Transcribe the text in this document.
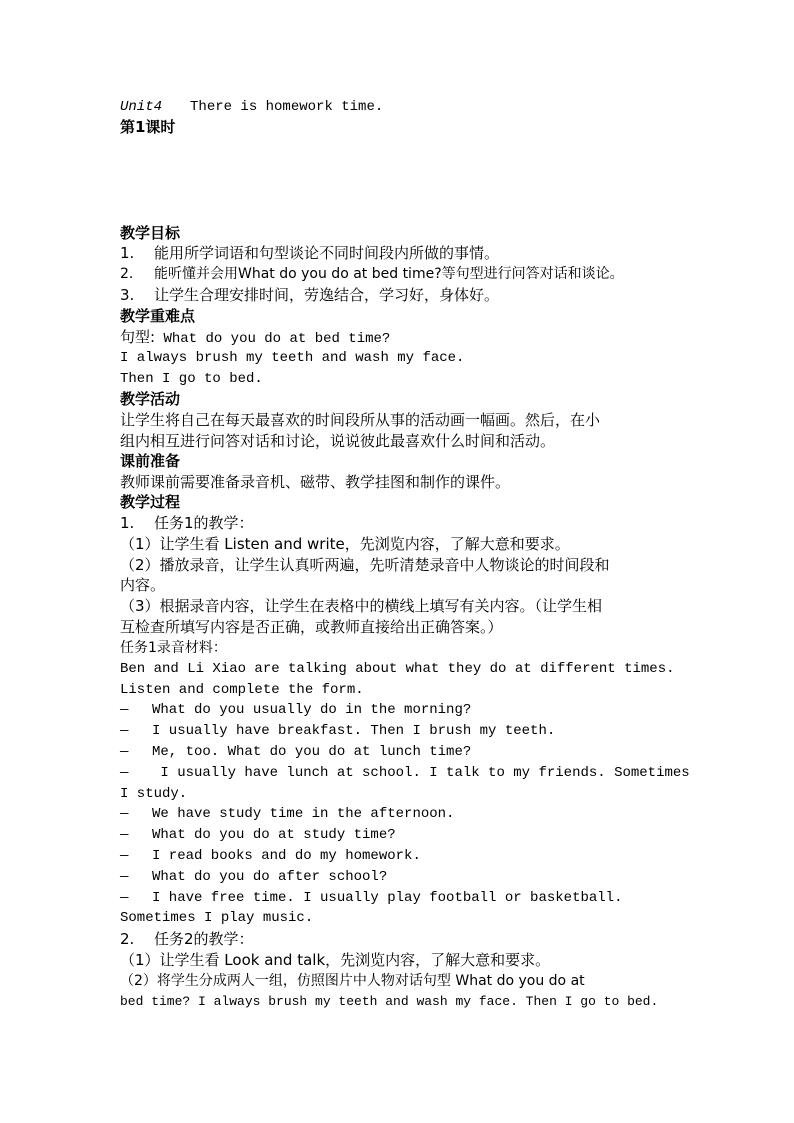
Unit4 There is homework time.
第1课时
教学目标
1. 能用所学词语和句型谈论不同时间段内所做的事情。
2. 能听懂并会用What do you do at bed time?等句型进行问答对话和谈论。
3. 让学生合理安排时间，劳逸结合，学习好，身体好。
教学重难点
句型: What do you do at bed time?
I always brush my teeth and wash my face.
Then I go to bed.
教学活动
让学生将自己在每天最喜欢的时间段所从事的活动画一幅画。然后，在小
组内相互进行问答对话和讨论，说说彼此最喜欢什么时间和活动。
课前准备
教师课前需要准备录音机、磁带、教学挂图和制作的课件。
教学过程
1. 任务1的教学：
（1）让学生看 Listen and write，先浏览内容，了解大意和要求。
（2）播放录音，让学生认真听两遍，先听清楚录音中人物谈论的时间段和
内容。
（3）根据录音内容，让学生在表格中的横线上填写有关内容。（让学生相
互检查所填写内容是否正确，或教师直接给出正确答案。）
任务1录音材料：
Ben and Li Xiao are talking about what they do at different times.
Listen and complete the form.
— What do you usually do in the morning?
— I usually have breakfast. Then I brush my teeth.
— Me, too. What do you do at lunch time?
— I usually have lunch at school. I talk to my friends. Sometimes
I study.
— We have study time in the afternoon.
— What do you do at study time?
— I read books and do my homework.
— What do you do after school?
— I have free time. I usually play football or basketball.
Sometimes I play music.
2. 任务2的教学：
（1）让学生看 Look and talk，先浏览内容，了解大意和要求。
（2）将学生分成两人一组，仿照图片中人物对话句型 What do you do at
bed time? I always brush my teeth and wash my face. Then I go to bed.
